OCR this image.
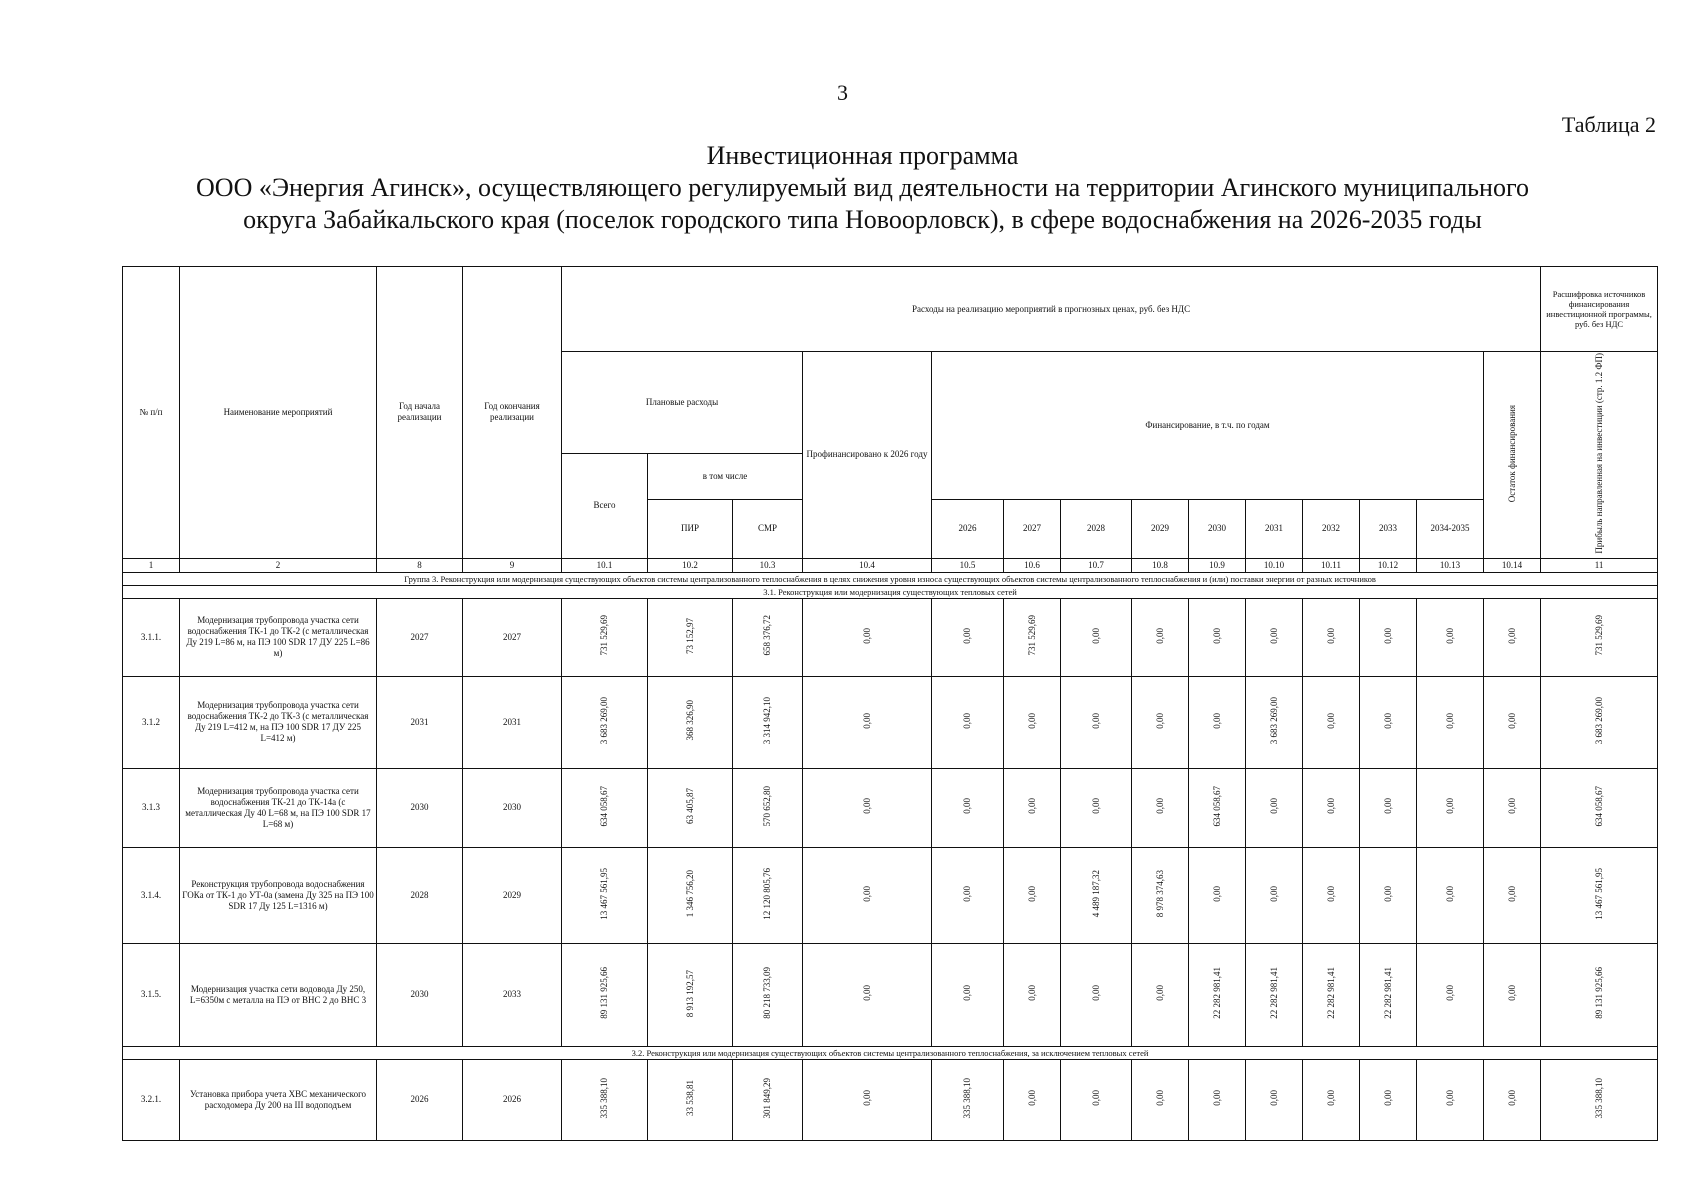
3
Таблица 2
Инвестиционная программа
ООО «Энергия Агинск», осуществляющего регулируемый вид деятельности на территории Агинского муниципального
округа Забайкальского края (поселок городского типа Новоорловск), в сфере водоснабжения на 2026-2035 годы
№ п/п	Наименование мероприятий	Год начала реализации	Год окончания реализации	Расходы на реализацию мероприятий в прогнозных ценах, руб. без НДС														Расшифровка источников финансирования инвестиционной программы, руб. без НДС
				Плановые расходы			Профинансировано к 2026 году	Финансирование, в т.ч. по годам									Остаток финансирования	Прибыль направленная на инвестиции (стр. 1.2 ФП)
				Всего	в том числе													
					ПИР	СМР		2026	2027	2028	2029	2030	2031	2032	2033	2034-2035		

1	2	8	9	10.1	10.2	10.3	10.4	10.5	10.6	10.7	10.8	10.9	10.10	10.11	10.12	10.13	10.14	11
Группа 3. Реконструкция или модернизация существующих объектов системы централизованного теплоснабжения в целях снижения уровня износа существующих объектов системы централизованного теплоснабжения и (или) поставки энергии от разных источников																		
3.1. Реконструкция или модернизация существующих тепловых сетей																		
3.1.1.	Модернизация трубопровода участка сети водоснабжения ТК-1 до ТК-2 (с металлическая Ду 219 L=86 м, на ПЭ 100 SDR 17 ДУ 225 L=86 м)	2027	2027	731 529,69	73 152,97	658 376,72	0,00	0,00	731 529,69	0,00	0,00	0,00	0,00	0,00	0,00	0,00	0,00	731 529,69
3.1.2	Модернизация трубопровода участка сети водоснабжения ТК-2 до ТК-3 (с металлическая Ду 219 L=412 м, на ПЭ 100 SDR 17 ДУ 225 L=412 м)	2031	2031	3 683 269,00	368 326,90	3 314 942,10	0,00	0,00	0,00	0,00	0,00	0,00	3 683 269,00	0,00	0,00	0,00	0,00	3 683 269,00
3.1.3	Модернизация трубопровода участка сети водоснабжения ТК-21 до ТК-14а (с металлическая Ду 40 L=68 м, на ПЭ 100 SDR 17 L=68 м)	2030	2030	634 058,67	63 405,87	570 652,80	0,00	0,00	0,00	0,00	0,00	634 058,67	0,00	0,00	0,00	0,00	0,00	634 058,67
3.1.4.	Реконструкция трубопровода водоснабжения ГОКа от ТК-1 до УТ-0а (замена Ду 325 на ПЭ 100 SDR 17 Ду 125 L=1316 м)	2028	2029	13 467 561,95	1 346 756,20	12 120 805,76	0,00	0,00	0,00	4 489 187,32	8 978 374,63	0,00	0,00	0,00	0,00	0,00	0,00	13 467 561,95
3.1.5.	Модернизация участка сети водовода Ду 250, L=6350м с металла на ПЭ от ВНС 2 до ВНС 3	2030	2033	89 131 925,66	8 913 192,57	80 218 733,09	0,00	0,00	0,00	0,00	0,00	22 282 981,41	22 282 981,41	22 282 981,41	22 282 981,41	0,00	0,00	89 131 925,66
3.2. Реконструкция или модернизация существующих объектов системы централизованного теплоснабжения, за исключением тепловых сетей																		
3.2.1.	Установка прибора учета ХВС механического расходомера Ду 200 на III водоподъем	2026	2026	335 388,10	33 538,81	301 849,29	0,00	335 388,10	0,00	0,00	0,00	0,00	0,00	0,00	0,00	0,00	0,00	335 388,10
